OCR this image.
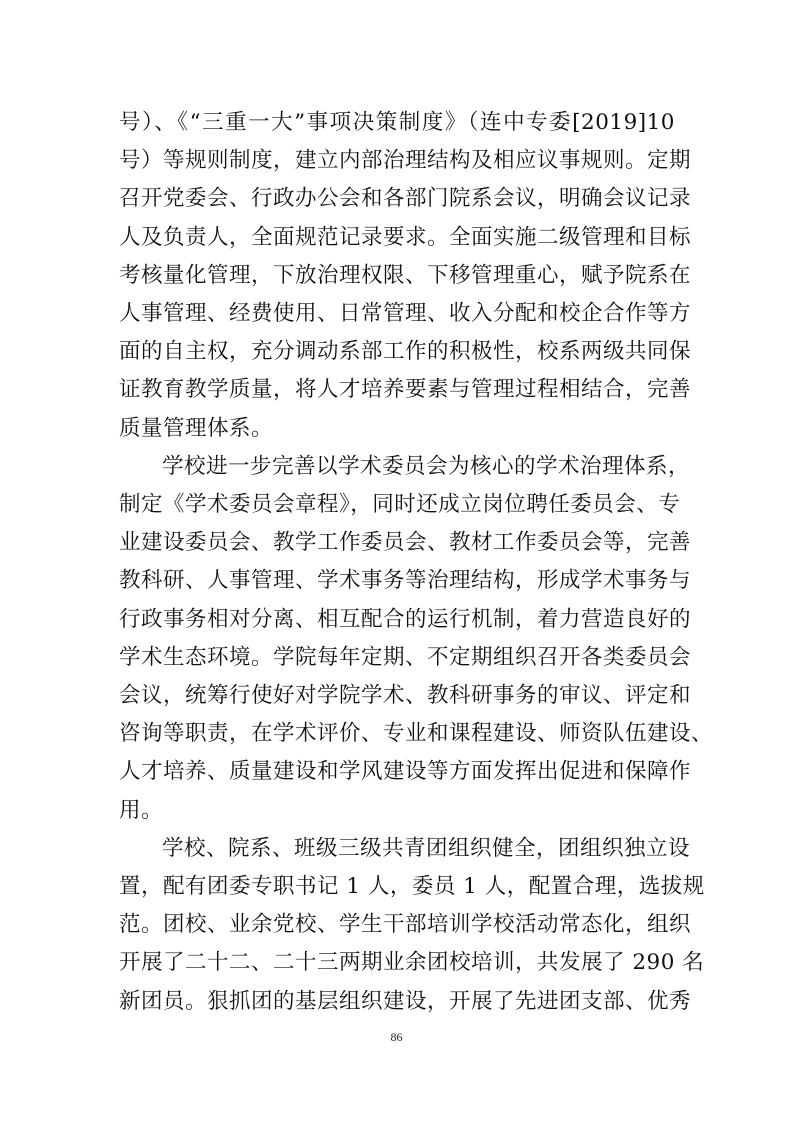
号）、《“三重一大”事项决策制度》（连中专委[2019]10
号）等规则制度，建立内部治理结构及相应议事规则。定期
召开党委会、行政办公会和各部门院系会议，明确会议记录
人及负责人，全面规范记录要求。全面实施二级管理和目标
考核量化管理，下放治理权限、下移管理重心，赋予院系在
人事管理、经费使用、日常管理、收入分配和校企合作等方
面的自主权，充分调动系部工作的积极性，校系两级共同保
证教育教学质量，将人才培养要素与管理过程相结合，完善
质量管理体系。
学校进一步完善以学术委员会为核心的学术治理体系，
制定《学术委员会章程》，同时还成立岗位聘任委员会、专
业建设委员会、教学工作委员会、教材工作委员会等，完善
教科研、人事管理、学术事务等治理结构，形成学术事务与
行政事务相对分离、相互配合的运行机制，着力营造良好的
学术生态环境。学院每年定期、不定期组织召开各类委员会
会议，统筹行使好对学院学术、教科研事务的审议、评定和
咨询等职责，在学术评价、专业和课程建设、师资队伍建设、
人才培养、质量建设和学风建设等方面发挥出促进和保障作
用。
学校、院系、班级三级共青团组织健全，团组织独立设
置，配有团委专职书记 1 人，委员 1 人，配置合理，选拔规
范。团校、业余党校、学生干部培训学校活动常态化，组织
开展了二十二、二十三两期业余团校培训，共发展了 290 名
新团员。狠抓团的基层组织建设，开展了先进团支部、优秀
86
